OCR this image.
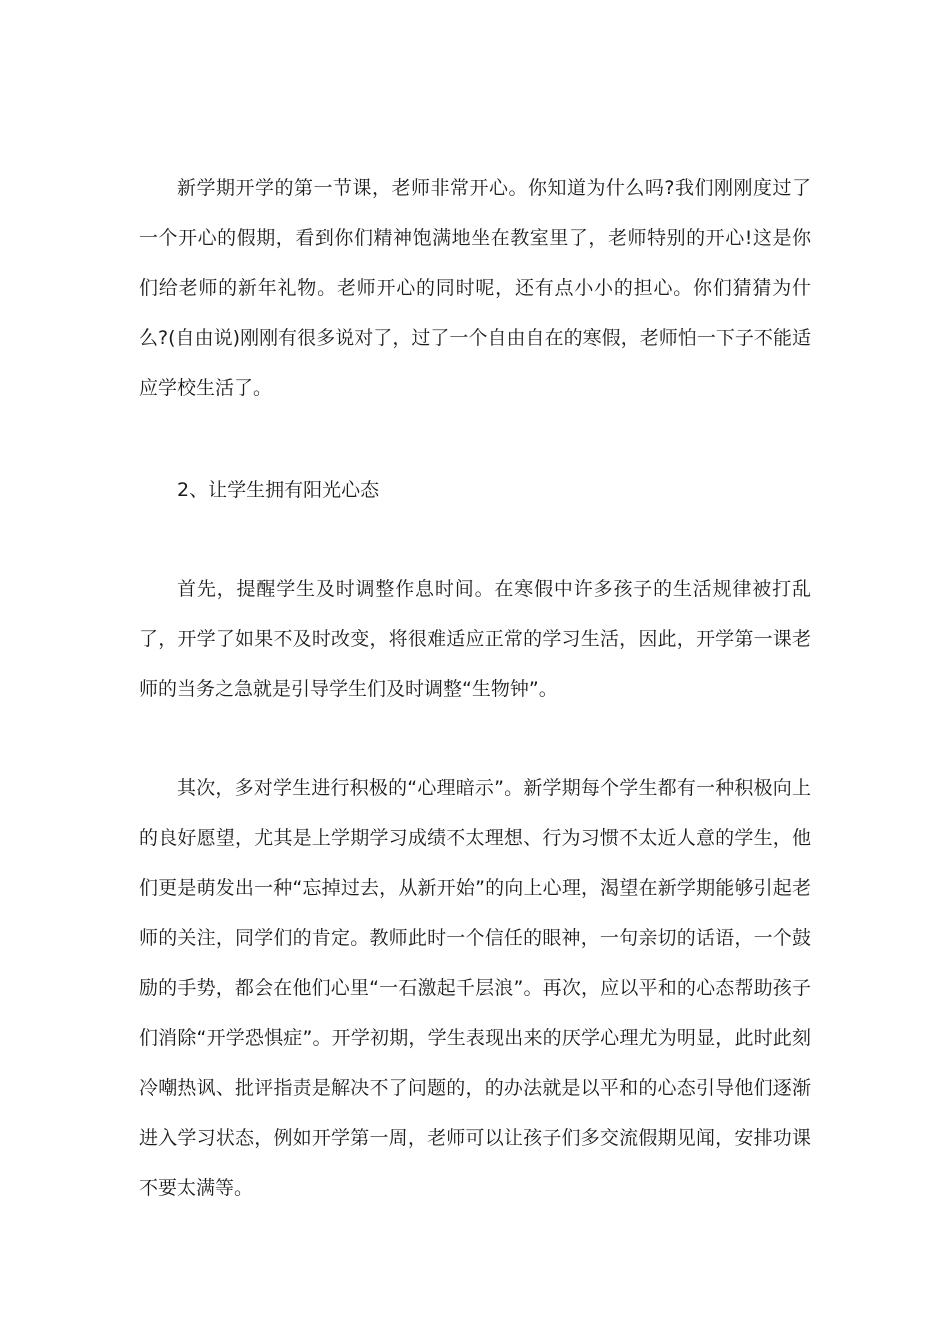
新学期开学的第一节课，老师非常开心。你知道为什么吗?我们刚刚度过了一个开心的假期，看到你们精神饱满地坐在教室里了，老师特别的开心!这是你们给老师的新年礼物。老师开心的同时呢，还有点小小的担心。你们猜猜为什么?(自由说)刚刚有很多说对了，过了一个自由自在的寒假，老师怕一下子不能适应学校生活了。

2、让学生拥有阳光心态

首先，提醒学生及时调整作息时间。在寒假中许多孩子的生活规律被打乱了，开学了如果不及时改变，将很难适应正常的学习生活，因此，开学第一课老师的当务之急就是引导学生们及时调整“生物钟”。

其次，多对学生进行积极的“心理暗示”。新学期每个学生都有一种积极向上的良好愿望，尤其是上学期学习成绩不太理想、行为习惯不太近人意的学生，他们更是萌发出一种“忘掉过去，从新开始”的向上心理，渴望在新学期能够引起老师的关注，同学们的肯定。教师此时一个信任的眼神，一句亲切的话语，一个鼓励的手势，都会在他们心里“一石激起千层浪”。再次，应以平和的心态帮助孩子们消除“开学恐惧症”。开学初期，学生表现出来的厌学心理尤为明显，此时此刻冷嘲热讽、批评指责是解决不了问题的，的办法就是以平和的心态引导他们逐渐进入学习状态，例如开学第一周，老师可以让孩子们多交流假期见闻，安排功课不要太满等。
